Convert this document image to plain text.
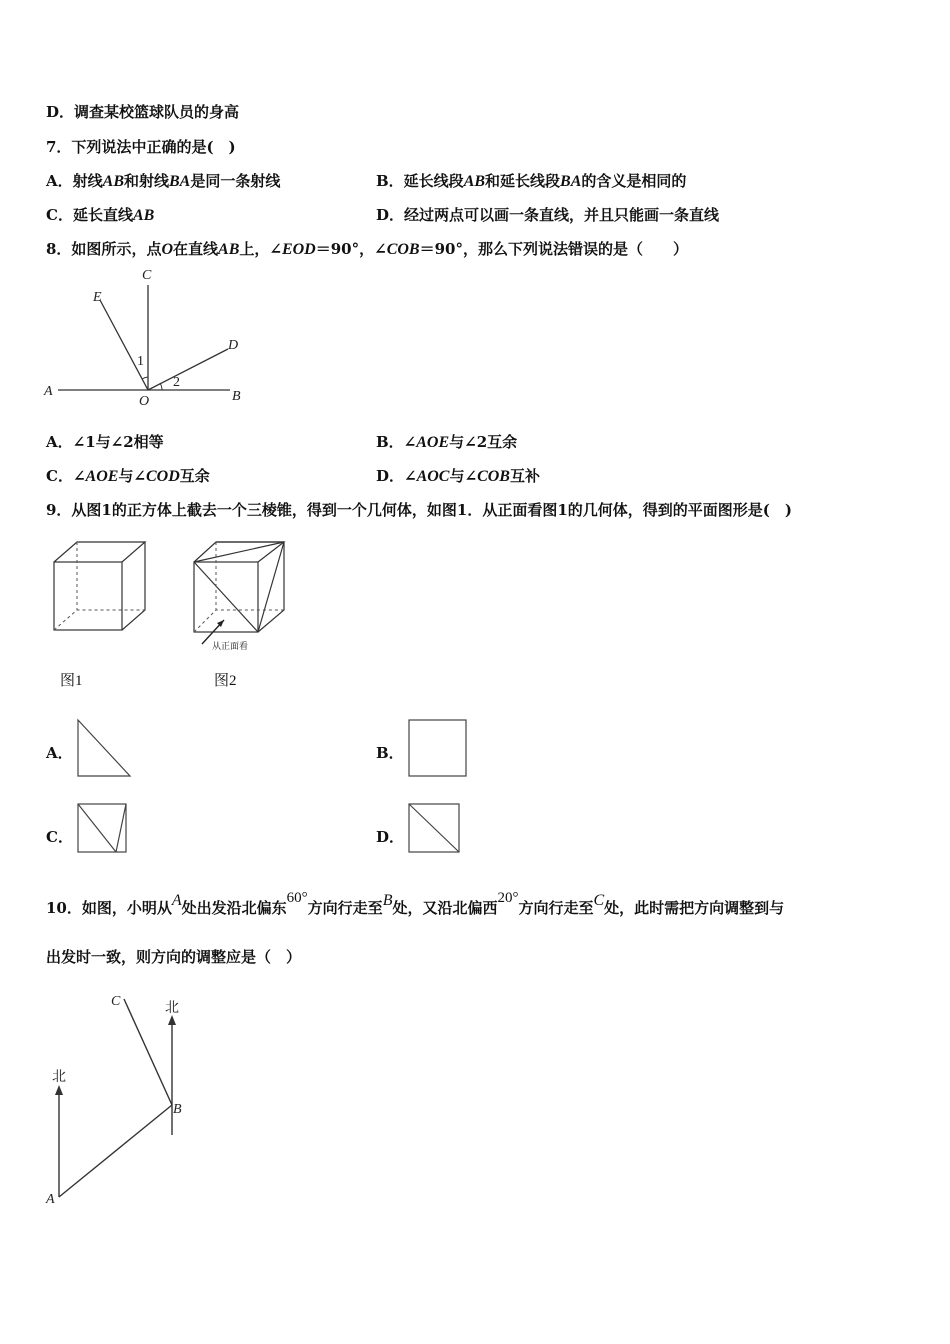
D．调查某校篮球队员的身高
7．下列说法中正确的是(　)
A．射线AB和射线BA是同一条射线	B．延长线段AB和延长线段BA的含义是相同的
C．延长直线AB	D．经过两点可以画一条直线，并且只能画一条直线
8．如图所示，点O在直线AB上，∠EOD＝90°，∠COB＝90°，那么下列说法错误的是（　　）
A	B
C
D
E
O
1
2
A．∠1与∠2相等	B．∠AOE与∠2互余
C．∠AOE与∠COD互余	D．∠AOC与∠COB互补
9．从图1的正方体上截去一个三棱锥，得到一个几何体，如图1．从正面看图1的几何体，得到的平面图形是(　)
从正面看
图1	图2
A．	B．
C．	D．
10．如图，小明从A处出发沿北偏东60°方向行走至B处，又沿北偏西20°方向行走至C处，此时需把方向调整到与
出发时一致，则方向的调整应是（　）
北
北
A
B
C
